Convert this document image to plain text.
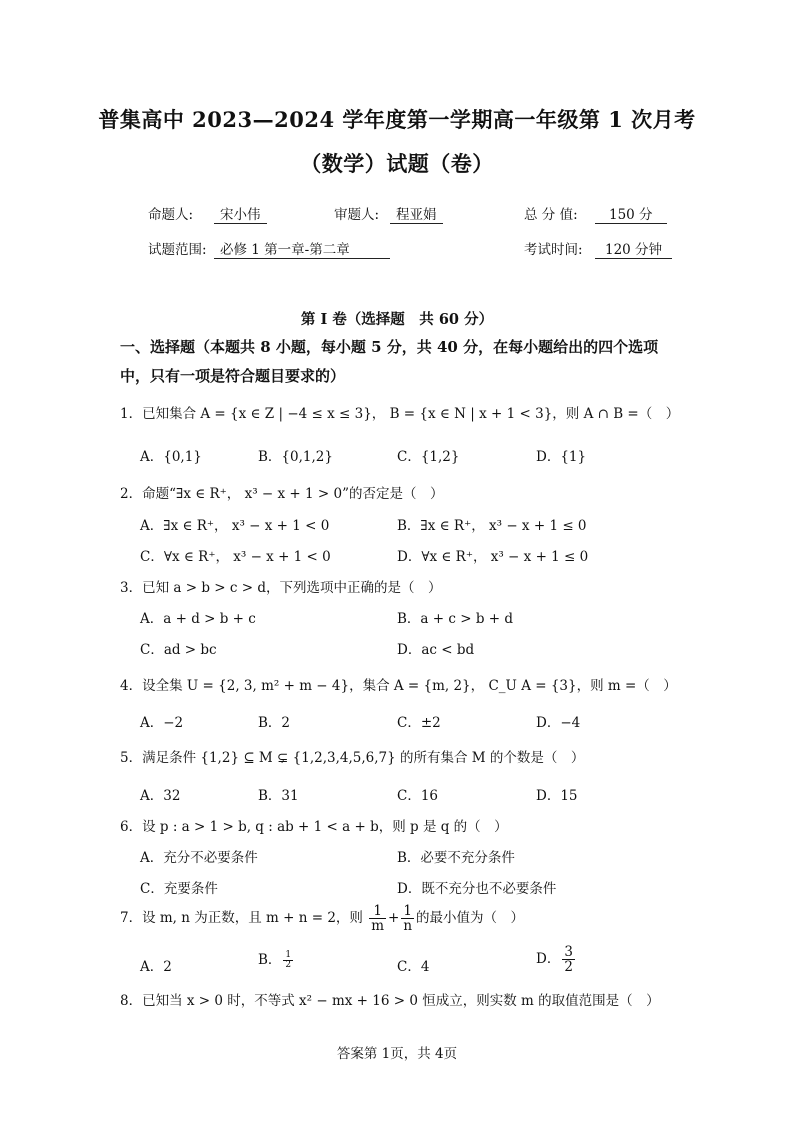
普集高中 2023—2024 学年度第一学期高一年级第 1 次月考
（数学）试题（卷）
命题人:	宋小伟	审题人:	程亚娟	总 分 值:	150 分
试题范围: 必修 1 第一章-第二章	考试时间:	120 分钟
第 I 卷（选择题　共 60 分）
一、选择题（本题共 8 小题，每小题 5 分，共 40 分，在每小题给出的四个选项
中，只有一项是符合题目要求的）
1．已知集合 A = {x ∈ Z | −4 ≤ x ≤ 3}， B = {x ∈ N | x + 1 < 3}，则 A ∩ B =（　）
A．{0,1}	B．{0,1,2}	C．{1,2}	D．{1}
2．命题“∃x ∈ R⁺， x³ − x + 1 > 0”的否定是（　）
A．∃x ∈ R⁺， x³ − x + 1 < 0	B．∃x ∈ R⁺， x³ − x + 1 ≤ 0
C．∀x ∈ R⁺， x³ − x + 1 < 0	D．∀x ∈ R⁺， x³ − x + 1 ≤ 0
3．已知 a > b > c > d，下列选项中正确的是（　）
A．a + d > b + c	B．a + c > b + d
C．ad > bc	D．ac < bd
4．设全集 U = {2, 3, m² + m − 4}，集合 A = {m, 2}， C_U A = {3}，则 m =（　）
A．−2	B．2	C．±2	D．−4
5．满足条件 {1,2} ⊆ M ⊊ {1,2,3,4,5,6,7} 的所有集合 M 的个数是（　）
A．32	B．31	C．16	D．15
6．设 p : a > 1 > b, q : ab + 1 < a + b，则 p 是 q 的（　）
A．充分不必要条件	B．必要不充分条件
C．充要条件	D．既不充分也不必要条件
7．设 m, n 为正数，且 m + n = 2，则 $\frac{1}{m} + \frac{1}{n}$ 的最小值为（　）
A．2	B． $\frac{1}{2}$	C．4	D． $\frac{3}{2}$
8．已知当 x > 0 时，不等式 x² − mx + 16 > 0 恒成立，则实数 m 的取值范围是（　）
答案第 1页，共 4页
